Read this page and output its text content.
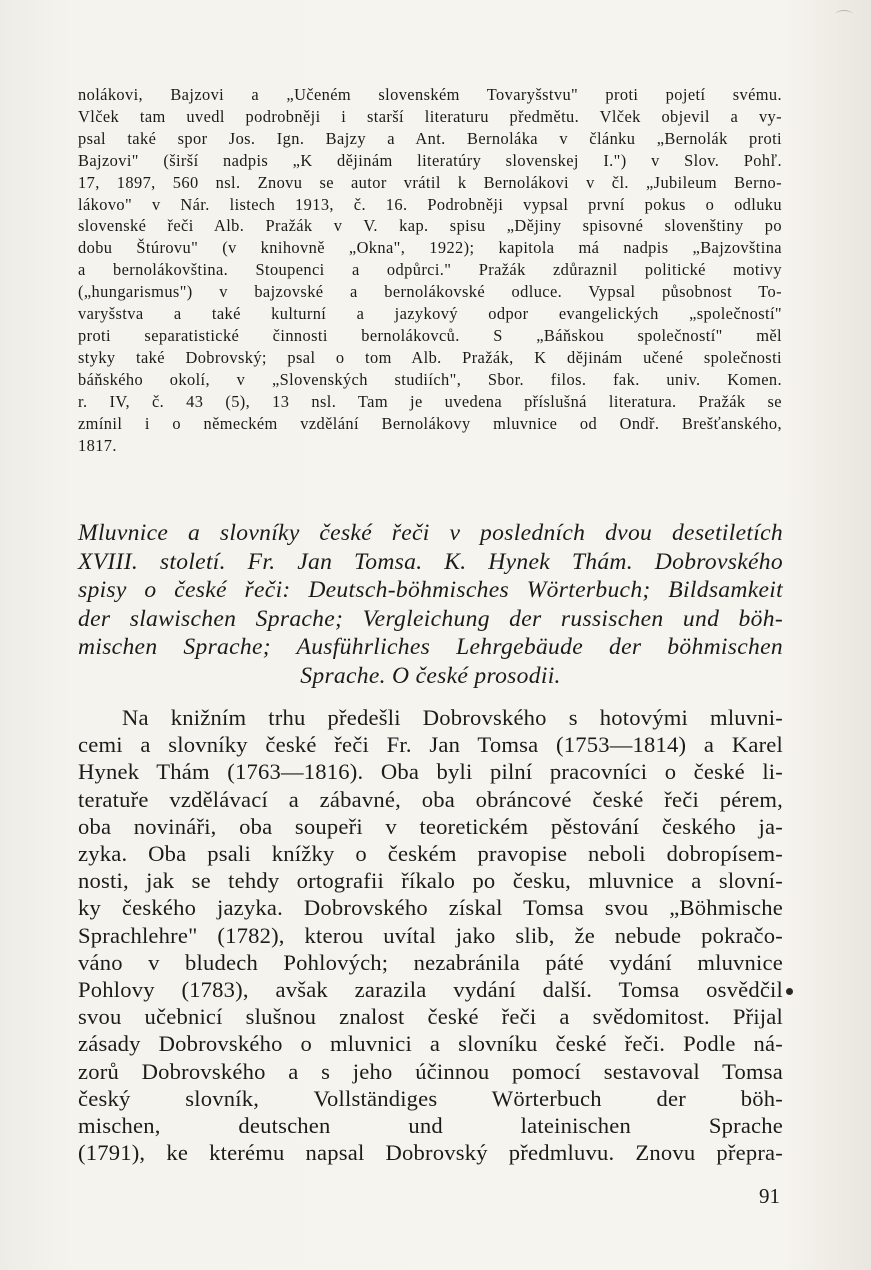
nolákovi, Bajzovi a „Učeném slovenském Tovaryšstvu" proti pojetí svému.
Vlček tam uvedl podrobněji i starší literaturu předmětu. Vlček objevil a vy-
psal také spor Jos. Ign. Bajzy a Ant. Bernoláka v článku „Bernolák proti
Bajzovi" (širší nadpis „K dějinám literatúry slovenskej I.") v Slov. Pohľ.
17, 1897, 560 nsl. Znovu se autor vrátil k Bernolákovi v čl. „Jubileum Berno-
lákovo" v Nár. listech 1913, č. 16. Podrobněji vypsal první pokus o odluku
slovenské řeči Alb. Pražák v V. kap. spisu „Dějiny spisovné slovenštiny po
dobu Štúrovu" (v knihovně „Okna", 1922); kapitola má nadpis „Bajzovština
a bernolákovština. Stoupenci a odpůrci." Pražák zdůraznil politické motivy
(„hungarismus") v bajzovské a bernolákovské odluce. Vypsal působnost To-
varyšstva a také kulturní a jazykový odpor evangelických „společností"
proti separatistické činnosti bernolákovců. S „Báňskou společností" měl
styky také Dobrovský; psal o tom Alb. Pražák, K dějinám učené společnosti
báňského okolí, v „Slovenských studiích", Sbor. filos. fak. univ. Komen.
r. IV, č. 43 (5), 13 nsl. Tam je uvedena příslušná literatura. Pražák se
zmínil i o německém vzdělání Bernolákovy mluvnice od Ondř. Brešťanského,
1817.
Mluvnice a slovníky české řeči v posledních dvou desetiletích
XVIII. století. Fr. Jan Tomsa. K. Hynek Thám. Dobrovského
spisy o české řeči: Deutsch-böhmisches Wörterbuch; Bildsamkeit
der slawischen Sprache; Vergleichung der russischen und böh-
mischen Sprache; Ausführliches Lehrgebäude der böhmischen
Sprache. O české prosodii.
Na knižním trhu předešli Dobrovského s hotovými mluvni-
cemi a slovníky české řeči Fr. Jan Tomsa (1753—1814) a Karel
Hynek Thám (1763—1816). Oba byli pilní pracovníci o české li-
teratuře vzdělávací a zábavné, oba obráncové české řeči pérem,
oba novináři, oba soupeři v teoretickém pěstování českého ja-
zyka. Oba psali knížky o českém pravopise neboli dobropísem-
nosti, jak se tehdy ortografii říkalo po česku, mluvnice a slovní-
ky českého jazyka. Dobrovského získal Tomsa svou „Böhmische
Sprachlehre" (1782), kterou uvítal jako slib, že nebude pokračo-
váno v bludech Pohlových; nezabránila páté vydání mluvnice
Pohlovy (1783), avšak zarazila vydání další. Tomsa osvědčil
svou učebnicí slušnou znalost české řeči a svědomitost. Přijal
zásady Dobrovského o mluvnici a slovníku české řeči. Podle ná-
zorů Dobrovského a s jeho účinnou pomocí sestavoval Tomsa
český slovník, Vollständiges Wörterbuch der böh-
mischen, deutschen und lateinischen Sprache
(1791), ke kterému napsal Dobrovský předmluvu. Znovu přepra-
91
